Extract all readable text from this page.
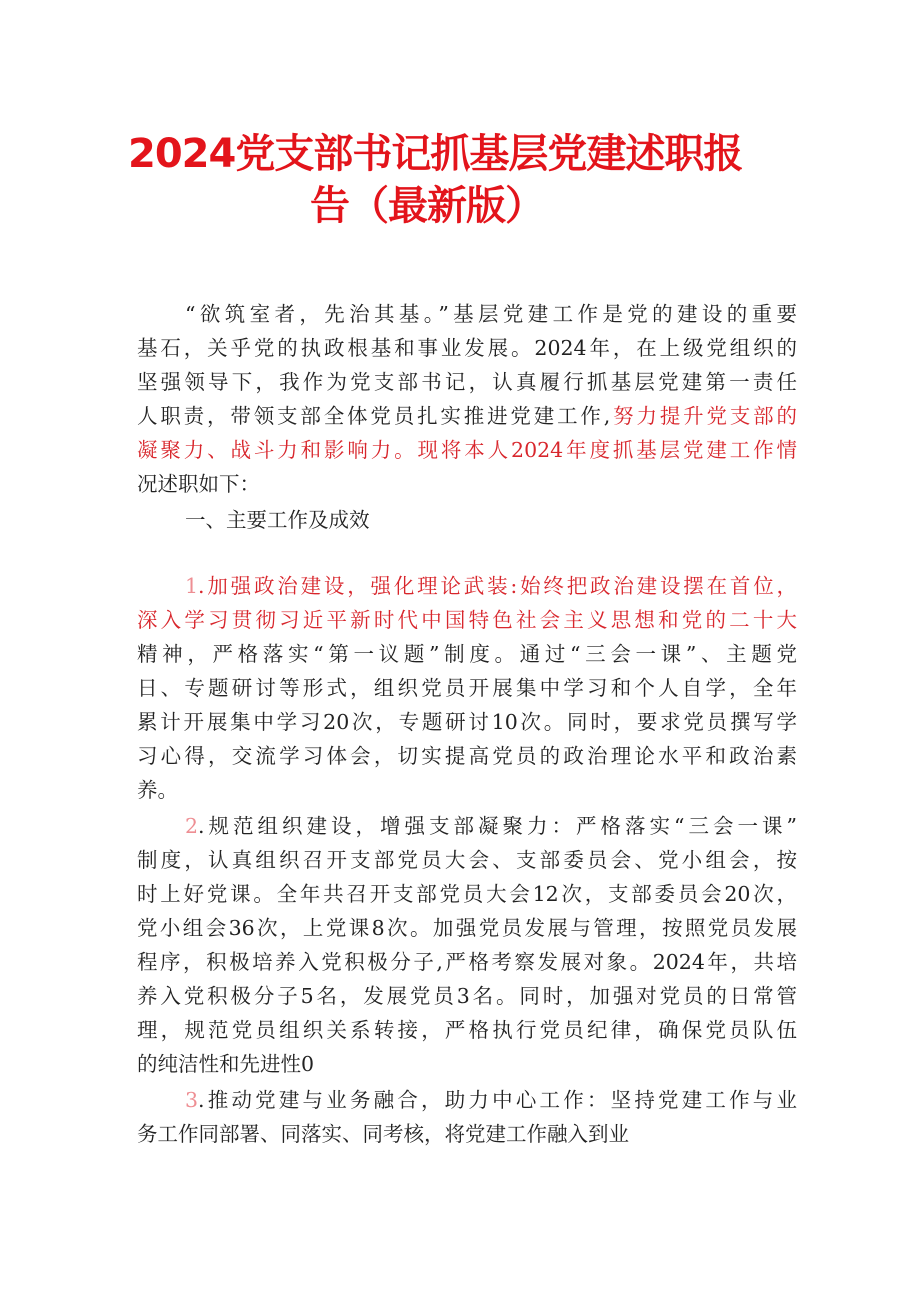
2024党支部书记抓基层党建述职报
告（最新版）
“欲筑室者，先治其基。”基层党建工作是党的建设的重要
基石，关乎党的执政根基和事业发展。2024年，在上级党组织的
坚强领导下，我作为党支部书记，认真履行抓基层党建第一责任
人职责，带领支部全体党员扎实推进党建工作,努力提升党支部的
凝聚力、战斗力和影响力。现将本人2024年度抓基层党建工作情
况述职如下：
一、主要工作及成效
1.加强政治建设，强化理论武装:始终把政治建设摆在首位，
深入学习贯彻习近平新时代中国特色社会主义思想和党的二十大
精神，严格落实“第一议题”制度。通过“三会一课”、主题党
日、专题研讨等形式，组织党员开展集中学习和个人自学，全年
累计开展集中学习20次，专题研讨10次。同时，要求党员撰写学
习心得，交流学习体会，切实提高党员的政治理论水平和政治素
养。
2.规范组织建设，增强支部凝聚力：严格落实“三会一课”
制度，认真组织召开支部党员大会、支部委员会、党小组会，按
时上好党课。全年共召开支部党员大会12次，支部委员会20次，
党小组会36次，上党课8次。加强党员发展与管理，按照党员发展
程序，积极培养入党积极分子,严格考察发展对象。2024年，共培
养入党积极分子5名，发展党员3名。同时，加强对党员的日常管
理，规范党员组织关系转接，严格执行党员纪律，确保党员队伍
的纯洁性和先进性0
3.推动党建与业务融合，助力中心工作：坚持党建工作与业
务工作同部署、同落实、同考核，将党建工作融入到业
